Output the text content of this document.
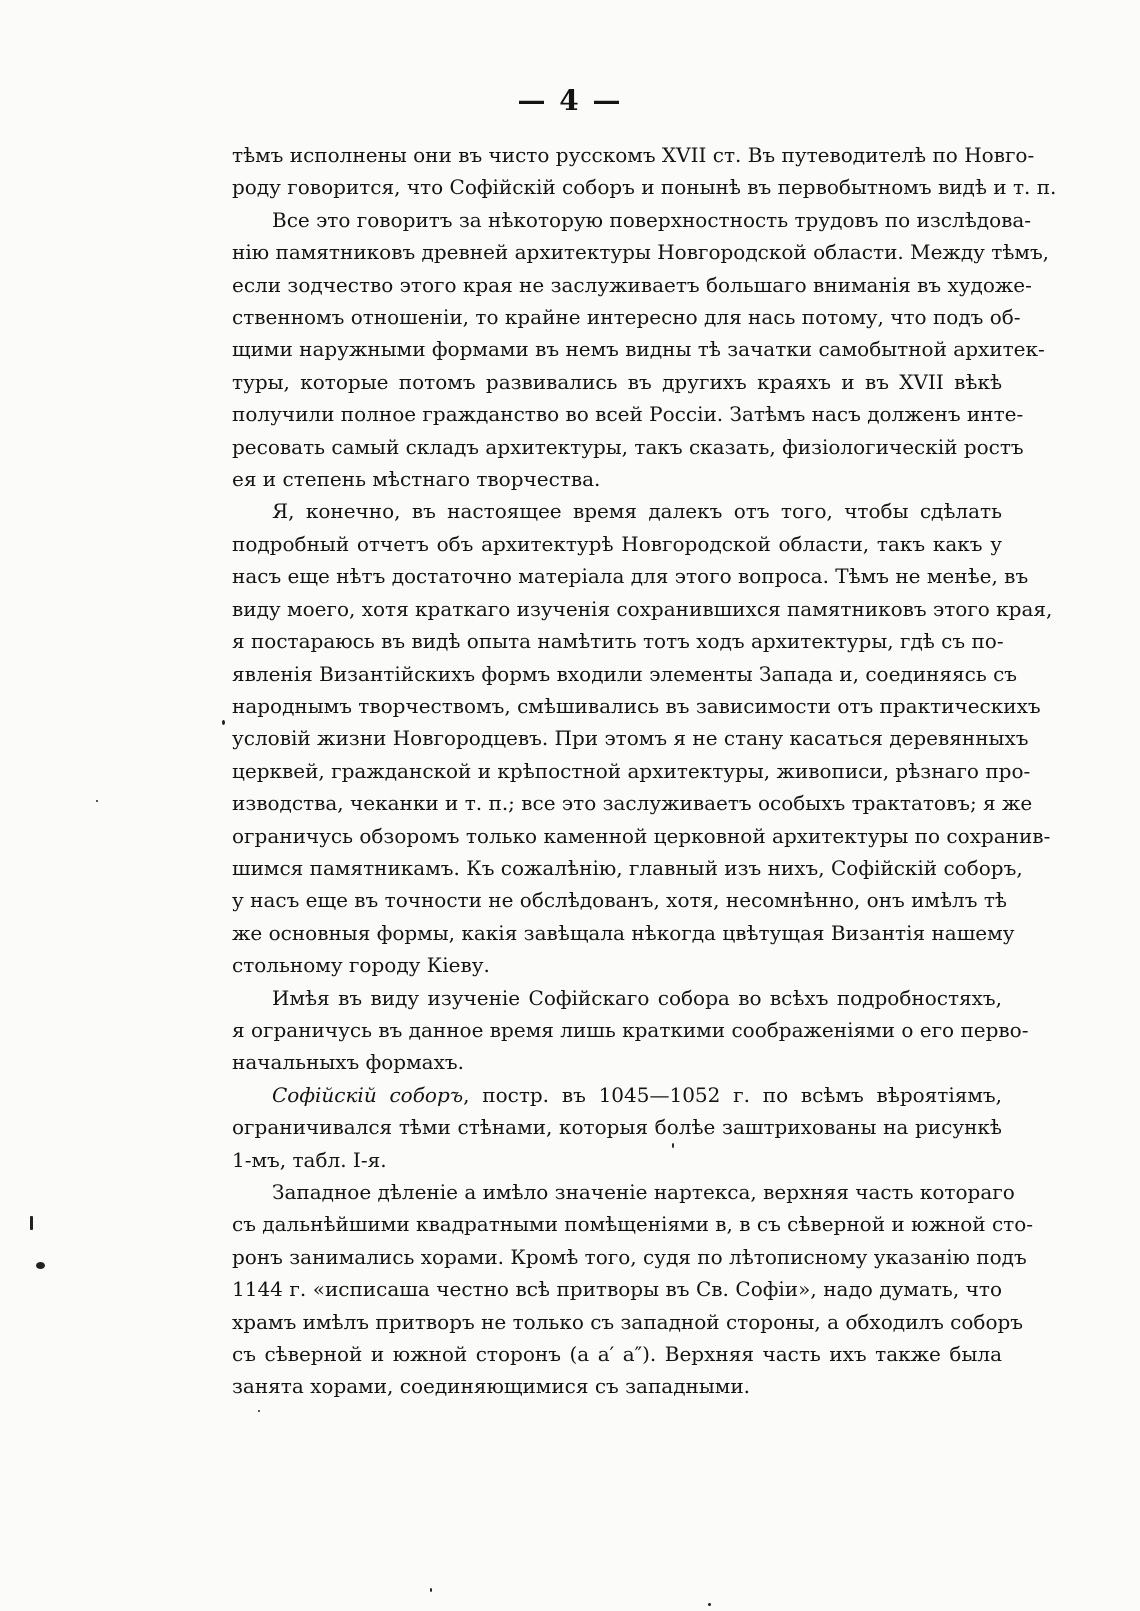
— 4 —

тѣмъ исполнены они въ чисто русскомъ XVII ст. Въ путеводителѣ по Новго-
роду говорится, что Софійскій соборъ и понынѣ въ первобытномъ видѣ и т. п.

Все это говоритъ за нѣкоторую поверхностность трудовъ по изслѣдова-
нію памятниковъ древней архитектуры Новгородской области. Между тѣмъ,
если зодчество этого края не заслуживаетъ большаго вниманія въ художе-
ственномъ отношеніи, то крайне интересно для нась потому, что подъ об-
щими наружными формами въ немъ видны тѣ зачатки самобытной архитек-
туры, которые потомъ развивались въ другихъ краяхъ и въ XVII вѣкѣ
получили полное гражданство во всей Россіи. Затѣмъ насъ долженъ инте-
ресовать самый складъ архитектуры, такъ сказать, физіологическій ростъ
ея и степень мѣстнаго творчества.

Я, конечно, въ настоящее время далекъ отъ того, чтобы сдѣлать
подробный отчетъ объ архитектурѣ Новгородской области, такъ какъ у
насъ еще нѣтъ достаточно матеріала для этого вопроса. Тѣмъ не менѣе, въ
виду моего, хотя краткаго изученія сохранившихся памятниковъ этого края,
я постараюсь въ видѣ опыта намѣтить тотъ ходъ архитектуры, гдѣ съ по-
явленія Византійскихъ формъ входили элементы Запада и, соединяясь съ
народнымъ творчествомъ, смѣшивались въ зависимости отъ практическихъ
условій жизни Новгородцевъ. При этомъ я не стану касаться деревянныхъ
церквей, гражданской и крѣпостной архитектуры, живописи, рѣзнаго про-
изводства, чеканки и т. п.; все это заслуживаетъ особыхъ трактатовъ; я же
ограничусь обзоромъ только каменной церковной архитектуры по сохранив-
шимся памятникамъ. Къ сожалѣнію, главный изъ нихъ, Софійскій соборъ,
у насъ еще въ точности не обслѣдованъ, хотя, несомнѣнно, онъ имѣлъ тѣ
же основныя формы, какія завѣщала нѣкогда цвѣтущая Византія нашему
стольному городу Кіеву.

Имѣя въ виду изученіе Софійскаго собора во всѣхъ подробностяхъ,
я ограничусь въ данное время лишь краткими соображеніями о его перво-
начальныхъ формахъ.

Софійскій соборъ, постр. въ 1045—1052 г. по всѣмъ вѣроятіямъ,
ограничивался тѣми стѣнами, которыя болѣе заштрихованы на рисункѣ
1-мъ, табл. I-я.

Западное дѣленіе а имѣло значеніе нартекса, верхняя часть котораго
съ дальнѣйшими квадратными помѣщеніями в, в съ сѣверной и южной сто-
ронъ занимались хорами. Кромѣ того, судя по лѣтописному указанію подъ
1144 г. «исписаша честно всѣ притворы въ Св. Софіи», надо думать, что
храмъ имѣлъ притворъ не только съ западной стороны, а обходилъ соборъ
съ сѣверной и южной сторонъ (a a′ a″). Верхняя часть ихъ также была
занята хорами, соединяющимися съ западными.
